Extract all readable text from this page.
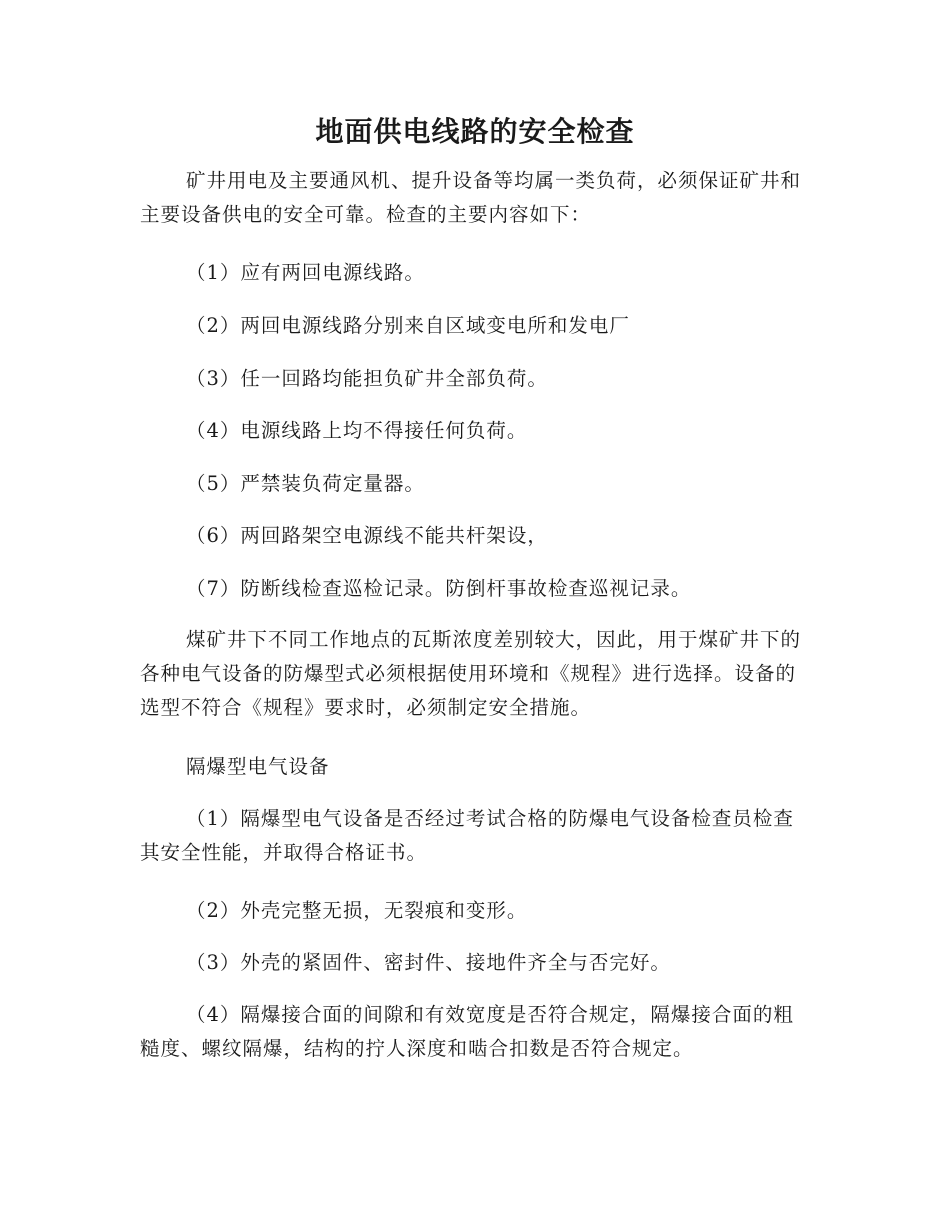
地面供电线路的安全检查

矿井用电及主要通风机、提升设备等均属一类负荷，必须保证矿井和主要设备供电的安全可靠。检查的主要内容如下：

（1）应有两回电源线路。

（2）两回电源线路分别来自区域变电所和发电厂

（3）任一回路均能担负矿井全部负荷。

（4）电源线路上均不得接任何负荷。

（5）严禁装负荷定量器。

（6）两回路架空电源线不能共杆架设，

（7）防断线检查巡检记录。防倒杆事故检查巡视记录。

煤矿井下不同工作地点的瓦斯浓度差别较大，因此，用于煤矿井下的各种电气设备的防爆型式必须根据使用环境和《规程》进行选择。设备的选型不符合《规程》要求时，必须制定安全措施。

隔爆型电气设备

（1）隔爆型电气设备是否经过考试合格的防爆电气设备检查员检查其安全性能，并取得合格证书。

（2）外壳完整无损，无裂痕和变形。

（3）外壳的紧固件、密封件、接地件齐全与否完好。

（4）隔爆接合面的间隙和有效宽度是否符合规定，隔爆接合面的粗糙度、螺纹隔爆，结构的拧人深度和啮合扣数是否符合规定。
